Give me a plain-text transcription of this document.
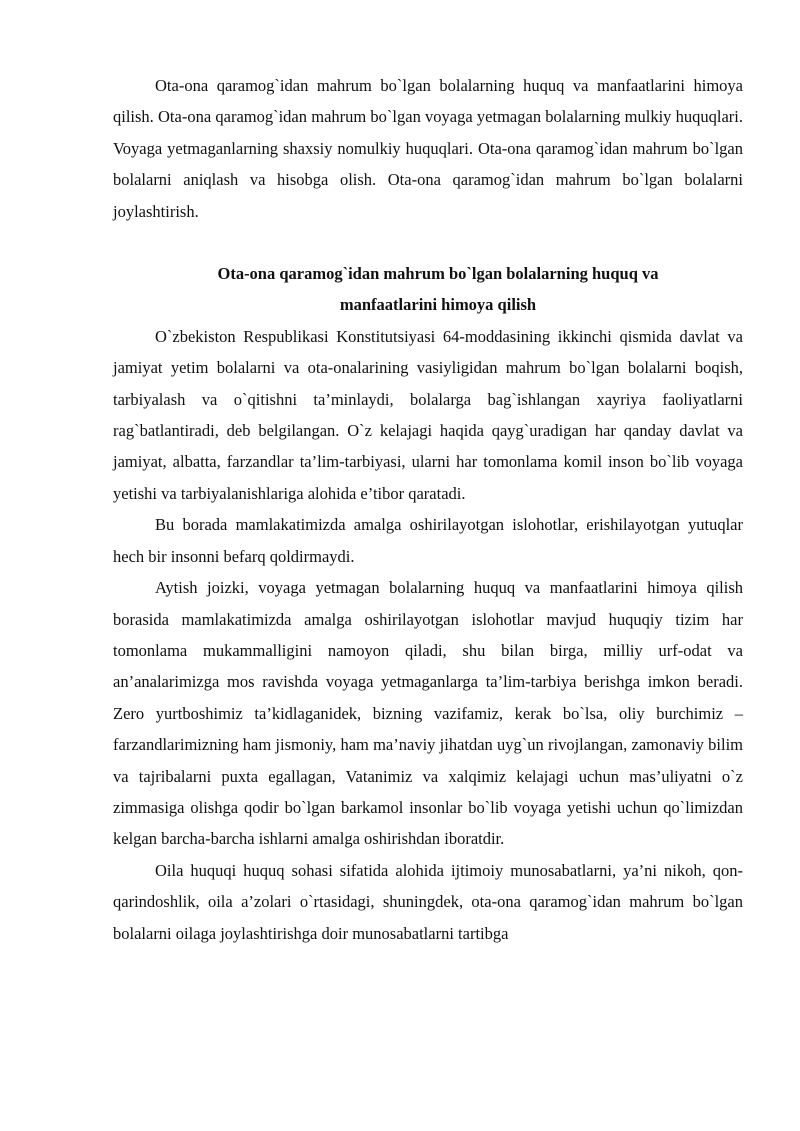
Ota-ona qaramog`idan mahrum bo`lgan bolalarning huquq va manfaatlarini himoya qilish. Ota-ona qaramog`idan mahrum bo`lgan voyaga yetmagan bolalarning mulkiy huquqlari. Voyaga yetmaganlarning shaxsiy nomulkiy huquqlari. Ota-ona qaramog`idan mahrum bo`lgan bolalarni aniqlash va hisobga olish. Ota-ona qaramog`idan mahrum bo`lgan bolalarni joylashtirish.

Ota-ona qaramog`idan mahrum bo`lgan bolalarning huquq va manfaatlarini himoya qilish

O`zbekiston Respublikasi Konstitutsiyasi 64-moddasining ikkinchi qismida davlat va jamiyat yetim bolalarni va ota-onalarining vasiyligidan mahrum bo`lgan bolalarni boqish, tarbiyalash va o`qitishni ta’minlaydi, bolalarga bag`ishlangan xayriya faoliyatlarni rag`batlantiradi, deb belgilangan. O`z kelajagi haqida qayg`uradigan har qanday davlat va jamiyat, albatta, farzandlar ta’lim-tarbiyasi, ularni har tomonlama komil inson bo`lib voyaga yetishi va tarbiyalanishlariga alohida e’tibor qaratadi.

Bu borada mamlakatimizda amalga oshirilayotgan islohotlar, erishilayotgan yutuqlar hech bir insonni befarq qoldirmaydi.

Aytish joizki, voyaga yetmagan bolalarning huquq va manfaatlarini himoya qilish borasida mamlakatimizda amalga oshirilayotgan islohotlar mavjud huquqiy tizim har tomonlama mukammalligini namoyon qiladi, shu bilan birga, milliy urf-odat va an’analarimizga mos ravishda voyaga yetmaganlarga ta’lim-tarbiya berishga imkon beradi. Zero yurtboshimiz ta’kidlaganidek, bizning vazifamiz, kerak bo`lsa, oliy burchimiz – farzandlarimizning ham jismoniy, ham ma’naviy jihatdan uyg`un rivojlangan, zamonaviy bilim va tajribalarni puxta egallagan, Vatanimiz va xalqimiz kelajagi uchun mas’uliyatni o`z zimmasiga olishga qodir bo`lgan barkamol insonlar bo`lib voyaga yetishi uchun qo`limizdan kelgan barcha-barcha ishlarni amalga oshirishdan iboratdir.

Oila huquqi huquq sohasi sifatida alohida ijtimoiy munosabatlarni, ya’ni nikoh, qon-qarindoshlik, oila a’zolari o`rtasidagi, shuningdek, ota-ona qaramog`idan mahrum bo`lgan bolalarni oilaga joylashtirishga doir munosabatlarni tartibga
